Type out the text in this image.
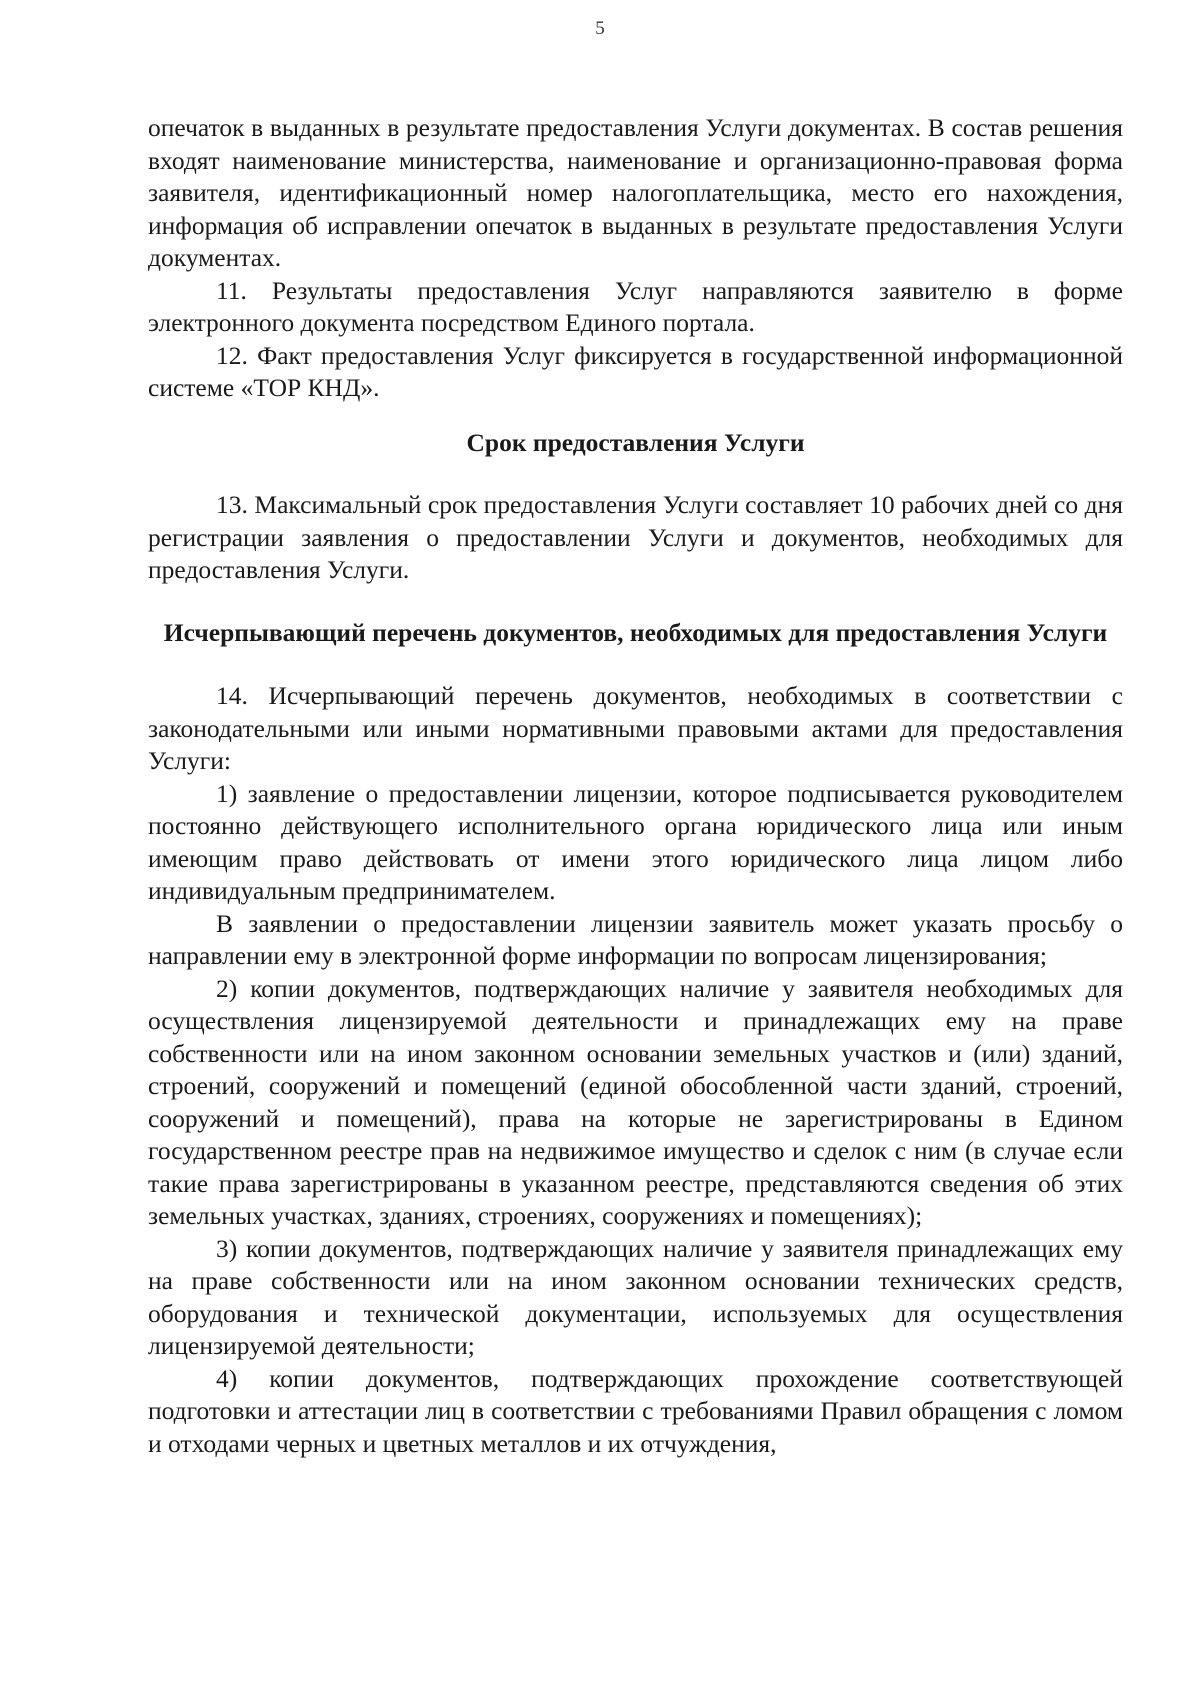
5

опечаток в выданных в результате предоставления Услуги документах. В состав решения входят наименование министерства, наименование и организационно-правовая форма заявителя, идентификационный номер налогоплательщика, место его нахождения, информация об исправлении опечаток в выданных в результате предоставления Услуги документах.

11. Результаты предоставления Услуг направляются заявителю в форме электронного документа посредством Единого портала.

12. Факт предоставления Услуг фиксируется в государственной информационной системе «ТОР КНД».

Срок предоставления Услуги

13. Максимальный срок предоставления Услуги составляет 10 рабочих дней со дня регистрации заявления о предоставлении Услуги и документов, необходимых для предоставления Услуги.

Исчерпывающий перечень документов, необходимых для предоставления Услуги

14. Исчерпывающий перечень документов, необходимых в соответствии с законодательными или иными нормативными правовыми актами для предоставления Услуги:

1) заявление о предоставлении лицензии, которое подписывается руководителем постоянно действующего исполнительного органа юридического лица или иным имеющим право действовать от имени этого юридического лица лицом либо индивидуальным предпринимателем.

В заявлении о предоставлении лицензии заявитель может указать просьбу о направлении ему в электронной форме информации по вопросам лицензирования;

2) копии документов, подтверждающих наличие у заявителя необходимых для осуществления лицензируемой деятельности и принадлежащих ему на праве собственности или на ином законном основании земельных участков и (или) зданий, строений, сооружений и помещений (единой обособленной части зданий, строений, сооружений и помещений), права на которые не зарегистрированы в Едином государственном реестре прав на недвижимое имущество и сделок с ним (в случае если такие права зарегистрированы в указанном реестре, представляются сведения об этих земельных участках, зданиях, строениях, сооружениях и помещениях);

3) копии документов, подтверждающих наличие у заявителя принадлежащих ему на праве собственности или на ином законном основании технических средств, оборудования и технической документации, используемых для осуществления лицензируемой деятельности;

4) копии документов, подтверждающих прохождение соответствующей подготовки и аттестации лиц в соответствии с требованиями Правил обращения с ломом и отходами черных и цветных металлов и их отчуждения,
